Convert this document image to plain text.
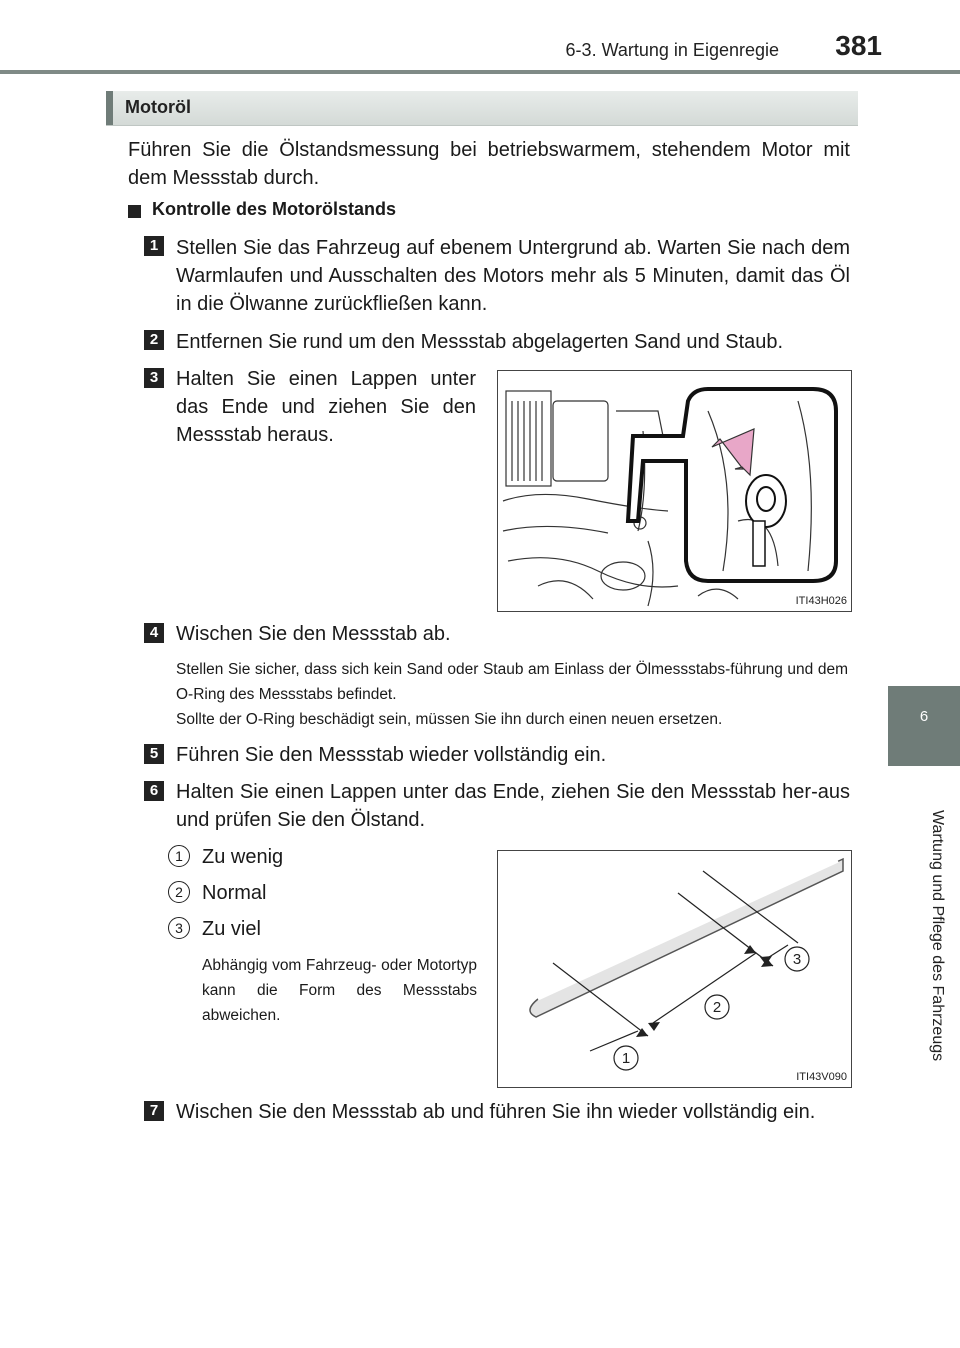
6-3. Wartung in Eigenregie 381
6
Wartung und Pflege des Fahrzeugs
Motoröl
Führen Sie die Ölstandsmessung bei betriebswarmem, stehendem Motor mit dem Messstab durch.
Kontrolle des Motorölstands
1 Stellen Sie das Fahrzeug auf ebenem Untergrund ab. Warten Sie nach dem Warmlaufen und Ausschalten des Motors mehr als 5 Minuten, damit das Öl in die Ölwanne zurückfließen kann.
2 Entfernen Sie rund um den Messstab abgelagerten Sand und Staub.
3 Halten Sie einen Lappen unter das Ende und ziehen Sie den Messstab heraus.
ITI43H026
4 Wischen Sie den Messstab ab.
Stellen Sie sicher, dass sich kein Sand oder Staub am Einlass der Ölmessstabs-führung und dem O-Ring des Messstabs befindet.
Sollte der O-Ring beschädigt sein, müssen Sie ihn durch einen neuen ersetzen.
5 Führen Sie den Messstab wieder vollständig ein.
6 Halten Sie einen Lappen unter das Ende, ziehen Sie den Messstab her-aus und prüfen Sie den Ölstand.
1 Zu wenig
2 Normal
3 Zu viel
Abhängig vom Fahrzeug- oder Motortyp kann die Form des Messstabs abweichen.
1
2
3
ITI43V090
7 Wischen Sie den Messstab ab und führen Sie ihn wieder vollständig ein.
